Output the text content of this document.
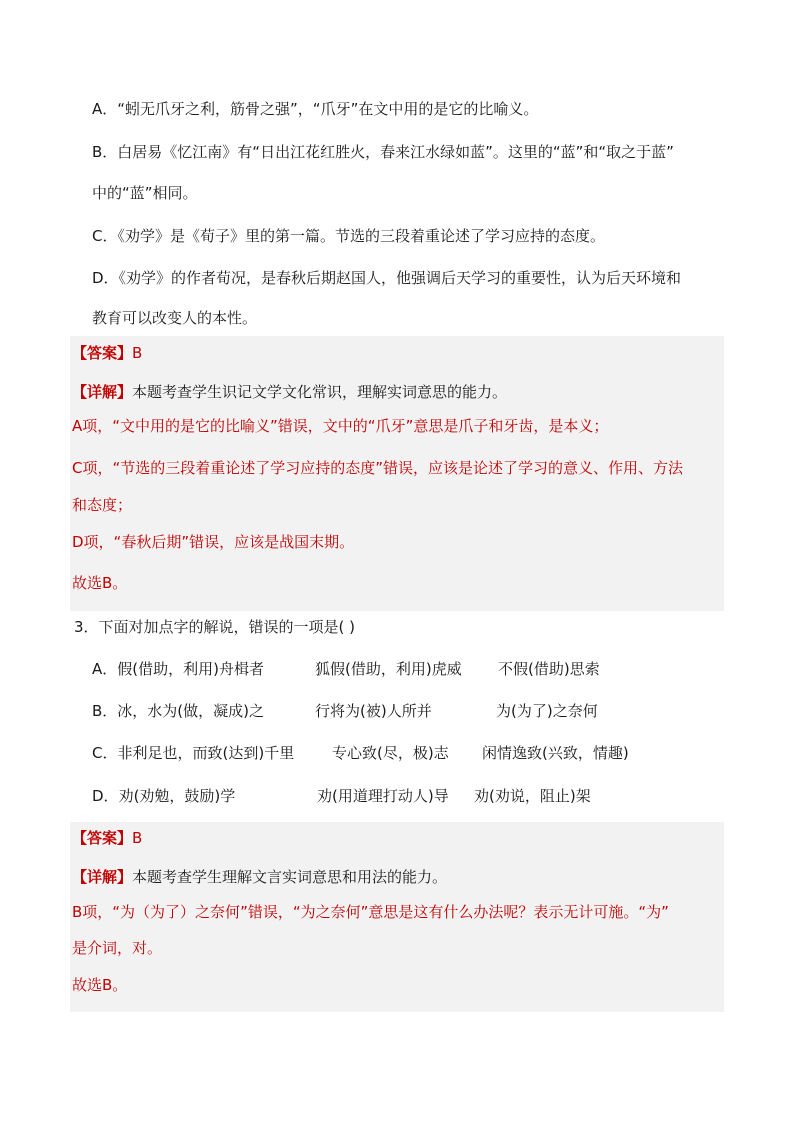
A．“蚓无爪牙之利，筋骨之强”，“爪牙”在文中用的是它的比喻义。
B．白居易《忆江南》有“日出江花红胜火，春来江水绿如蓝”。这里的“蓝”和“取之于蓝”
中的“蓝”相同。
C．《劝学》是《荀子》里的第一篇。节选的三段着重论述了学习应持的态度。
D．《劝学》的作者荀况，是春秋后期赵国人，他强调后天学习的重要性，认为后天环境和
教育可以改变人的本性。
【答案】B
【详解】本题考查学生识记文学文化常识，理解实词意思的能力。
A项，“文中用的是它的比喻义”错误，文中的“爪牙”意思是爪子和牙齿，是本义；
C项，“节选的三段着重论述了学习应持的态度”错误，应该是论述了学习的意义、作用、方法
和态度；
D项，“春秋后期”错误，应该是战国末期。
故选B。
3．下面对加点字的解说，错误的一项是( )
A．假(借助，利用)舟楫者	狐假(借助，利用)虎威 不假(借助)思索
B．冰，水为(做，凝成)之	行将为(被)人所并	为(为了)之奈何
C．非利足也，而致(达到)千里	专心致(尽，极)志 闲情逸致(兴致，情趣)
D．劝(劝勉，鼓励)学	劝(用道理打动人)导 劝(劝说，阻止)架
【答案】B
【详解】本题考查学生理解文言实词意思和用法的能力。
B项，“为（为了）之奈何”错误，“为之奈何”意思是这有什么办法呢？表示无计可施。“为”
是介词，对。
故选B。
